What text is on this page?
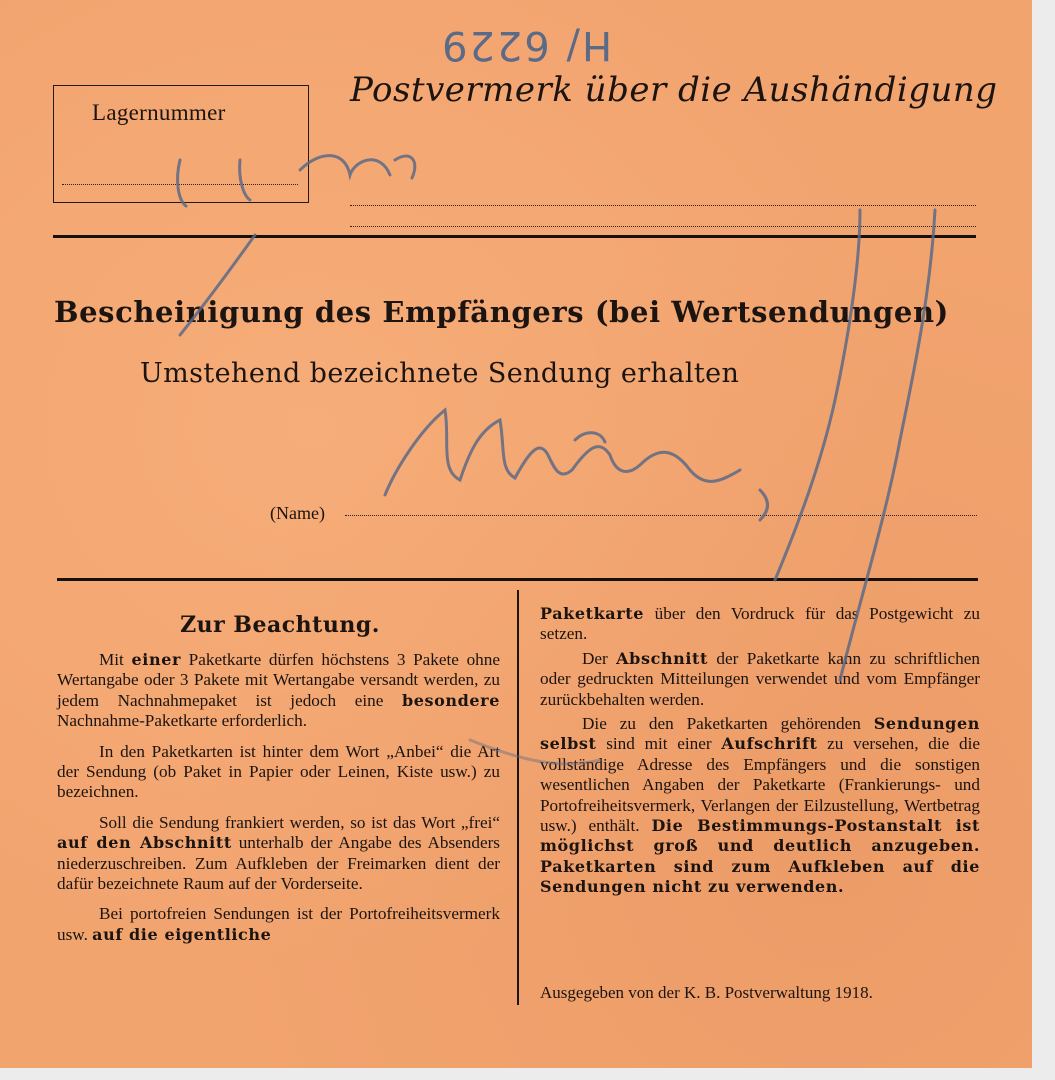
H/ 6229
Lagernummer
Postvermerk über die Aushändigung
Bescheinigung des Empfängers (bei Wertsendungen)
Umstehend bezeichnete Sendung erhalten
(Name)
Zur Beachtung.

Mit einer Paketkarte dürfen höchstens 3 Pakete ohne Wertangabe oder 3 Pakete mit Wertangabe versandt werden, zu jedem Nachnahmepaket ist jedoch eine besondere Nachnahme-Paketkarte erforderlich.

In den Paketkarten ist hinter dem Wort „Anbei“ die Art der Sendung (ob Paket in Papier oder Leinen, Kiste usw.) zu bezeichnen.

Soll die Sendung frankiert werden, so ist das Wort „frei“ auf den Abschnitt unterhalb der Angabe des Absenders niederzuschreiben. Zum Aufkleben der Freimarken dient der dafür bezeichnete Raum auf der Vorderseite.

Bei portofreien Sendungen ist der Portofreiheitsvermerk usw. auf die eigentliche

Paketkarte über den Vordruck für das Postgewicht zu setzen.

Der Abschnitt der Paketkarte kann zu schriftlichen oder gedruckten Mitteilungen verwendet und vom Empfänger zurückbehalten werden.

Die zu den Paketkarten gehörenden Sendungen selbst sind mit einer Aufschrift zu versehen, die die vollständige Adresse des Empfängers und die sonstigen wesentlichen Angaben der Paketkarte (Frankierungs- und Portofreiheitsvermerk, Verlangen der Eilzustellung, Wertbetrag usw.) enthält. Die Bestimmungs-Postanstalt ist möglichst groß und deutlich anzugeben. Paketkarten sind zum Aufkleben auf die Sendungen nicht zu verwenden.

Ausgegeben von der K. B. Postverwaltung 1918.
